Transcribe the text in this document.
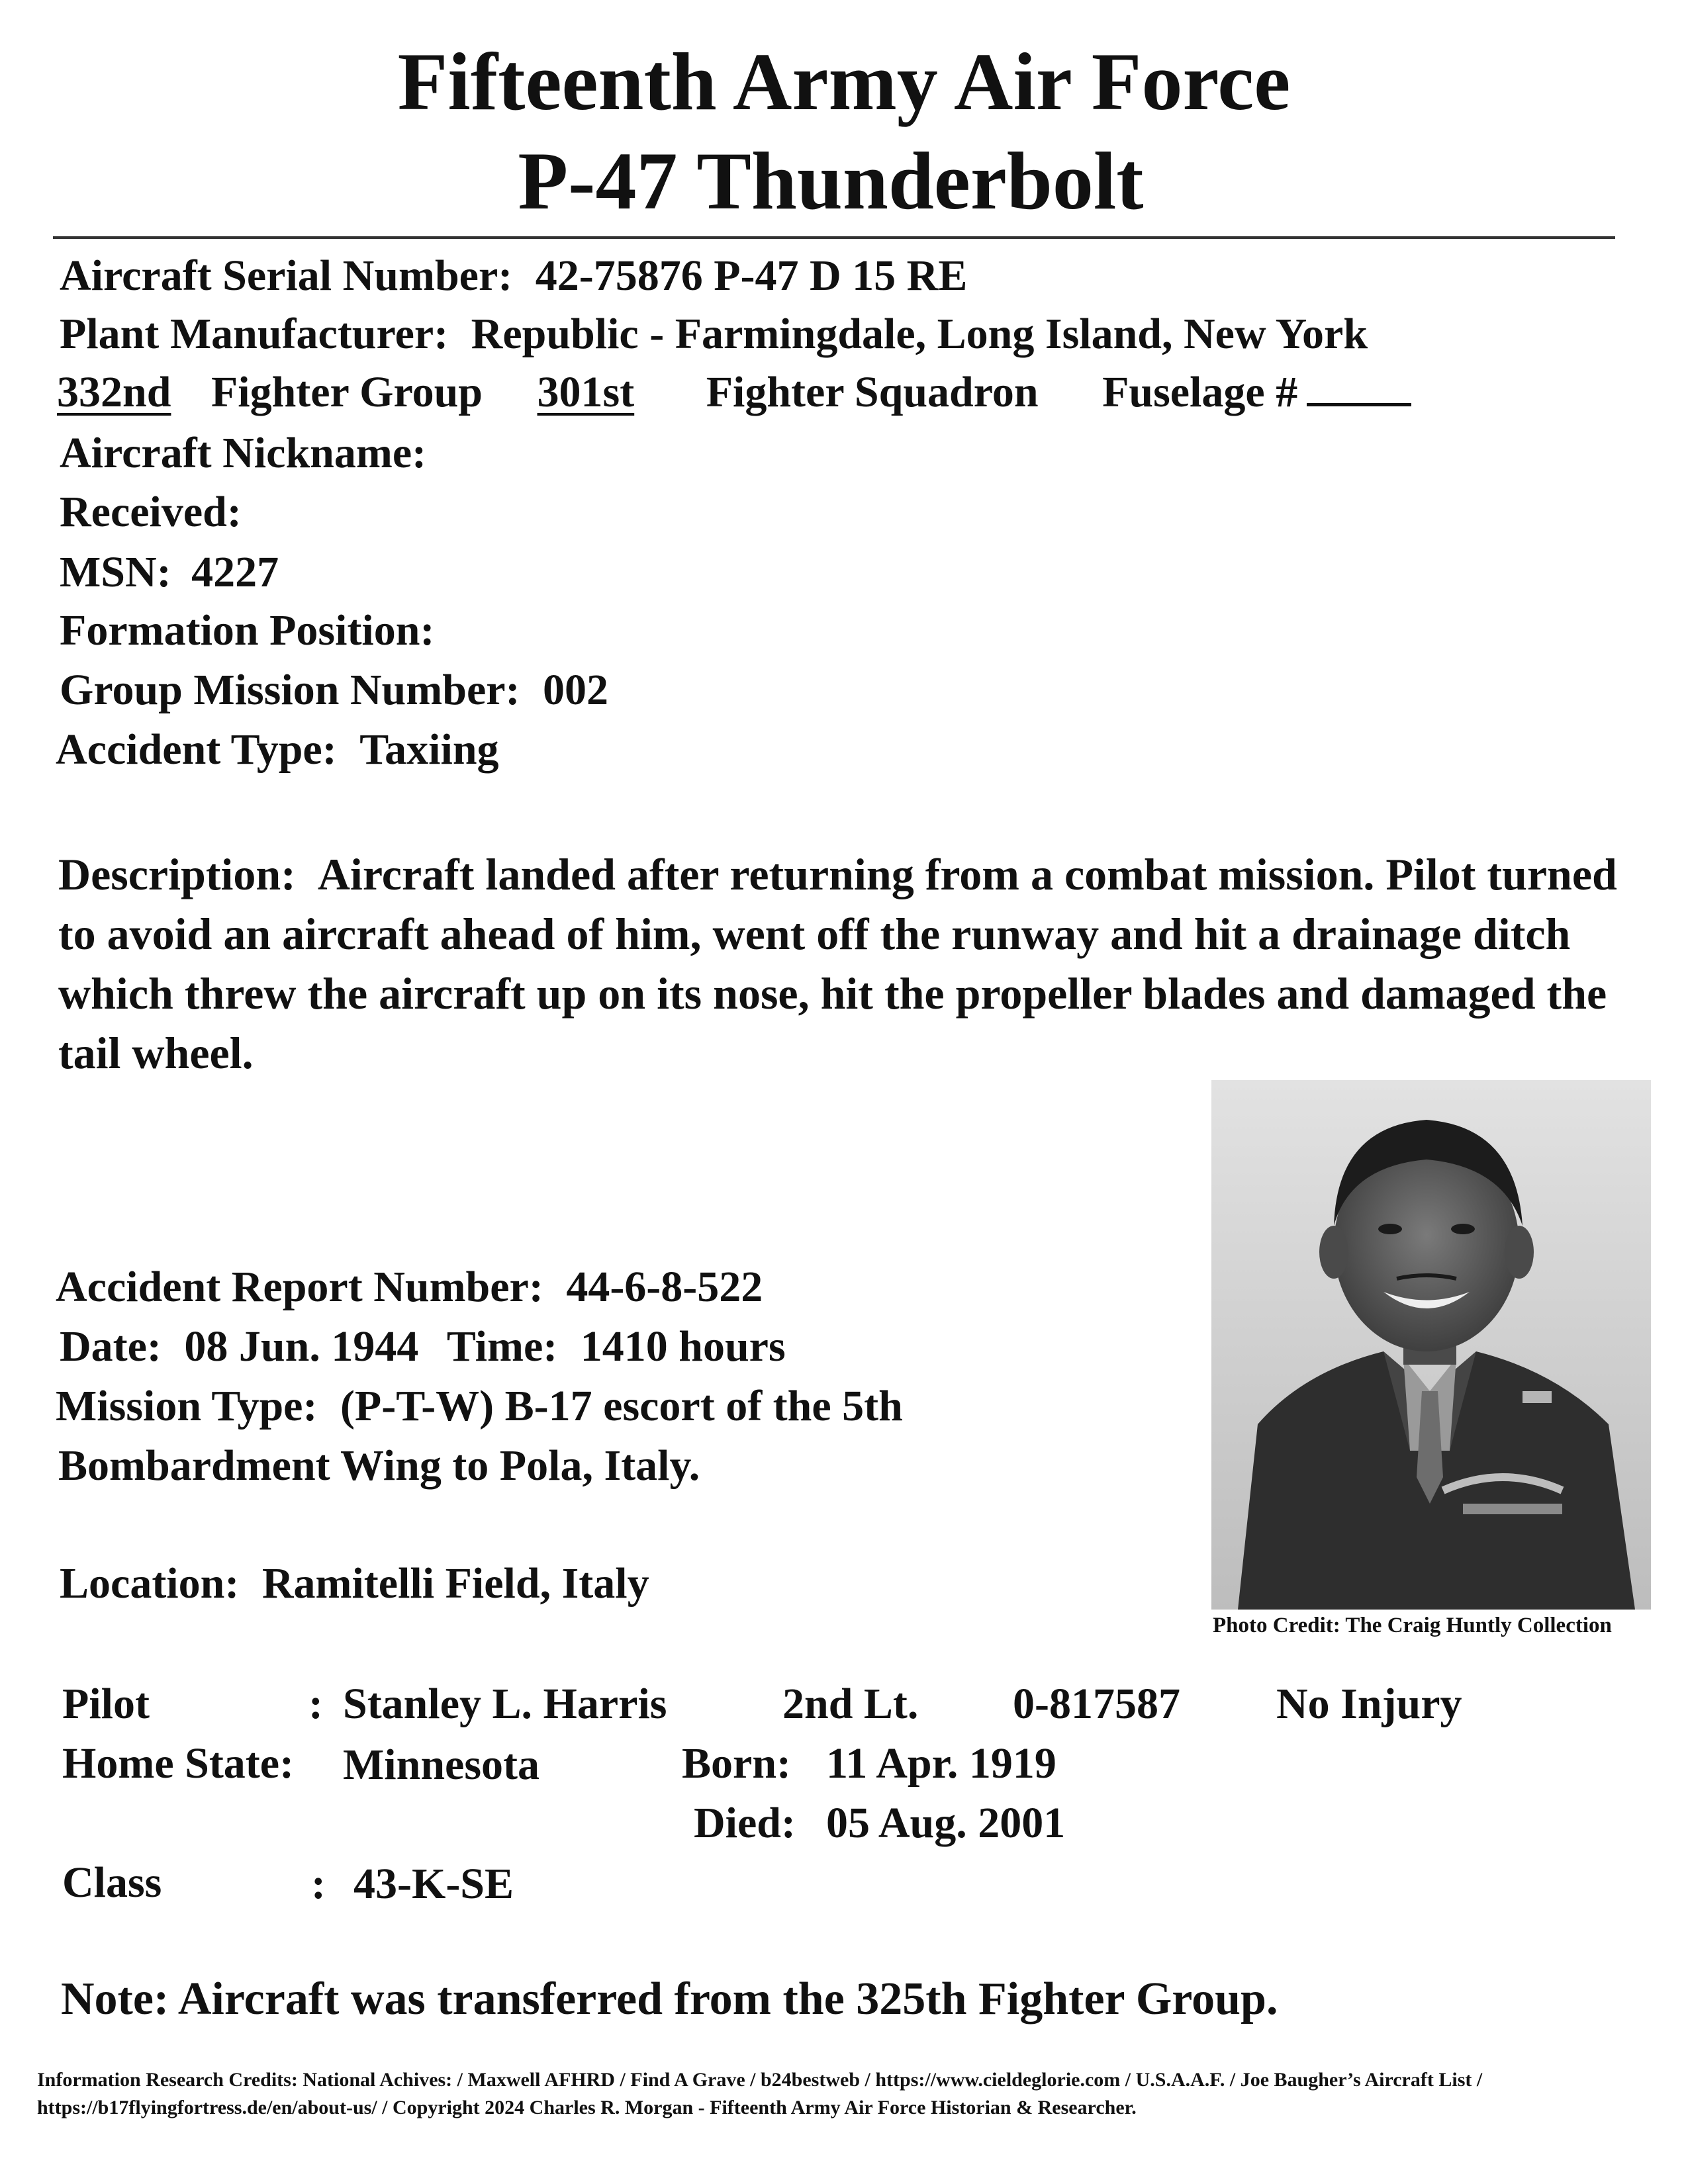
Fifteenth Army Air Force
P-47 Thunderbolt
Aircraft Serial Number: 42-75876 P-47 D 15 RE
Plant Manufacturer: Republic - Farmingdale, Long Island, New York
332nd Fighter Group 301st Fighter Squadron Fuselage #
Aircraft Nickname:
Received:
MSN: 4227
Formation Position:
Group Mission Number: 002
Accident Type: Taxiing
Description: Aircraft landed after returning from a combat mission. Pilot turned to avoid an aircraft ahead of him, went off the runway and hit a drainage ditch which threw the aircraft up on its nose, hit the propeller blades and damaged the tail wheel.
Photo Credit: The Craig Huntly Collection
Accident Report Number: 44-6-8-522
Date: 08 Jun. 1944 Time: 1410 hours
Mission Type: (P-T-W) B-17 escort of the 5th
Bombardment Wing to Pola, Italy.
Location: Ramitelli Field, Italy
Pilot	: Stanley L. Harris	2nd Lt. 0-817587 No Injury
Home State: Minnesota	Born: 11 Apr. 1919
Died: 05 Aug. 2001
Class	: 43-K-SE
Note: Aircraft was transferred from the 325th Fighter Group.
Information Research Credits: National Achives: / Maxwell AFHRD / Find A Grave / b24bestweb / https://www.cieldeglorie.com / U.S.A.A.F. / Joe Baugher’s Aircraft List / https://b17flyingfortress.de/en/about-us/ / Copyright 2024 Charles R. Morgan - Fifteenth Army Air Force Historian & Researcher.
